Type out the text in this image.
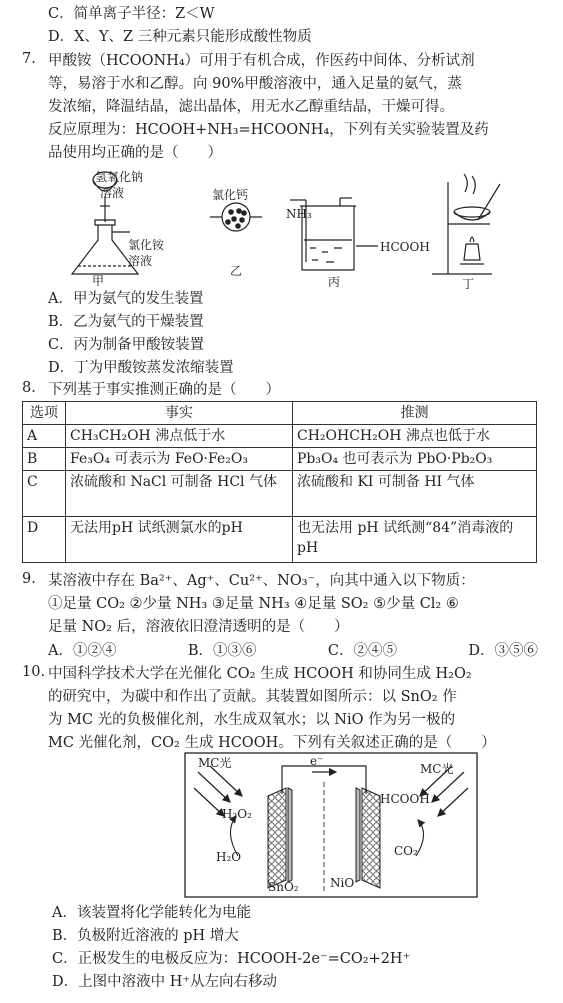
C．简单离子半径：Z＜W
D．X、Y、Z 三种元素只能形成酸性物质
7. 甲酸铵（HCOONH₄）可用于有机合成，作医药中间体、分析试剂
等，易溶于水和乙醇。向 90%甲酸溶液中，通入足量的氨气，蒸
发浓缩，降温结晶，滤出晶体，用无水乙醇重结晶，干燥可得。
反应原理为：HCOOH+NH₃=HCOONH₄，下列有关实验装置及药
品使用均正确的是（　　）
氢氧化钠
溶液
氯化铵
溶液
甲
氯化钙
乙
NH₃
HCOOH
丙	丁
A．甲为氨气的发生装置
B．乙为氨气的干燥装置
C．丙为制备甲酸铵装置
D．丁为甲酸铵蒸发浓缩装置
8. 下列基于事实推测正确的是（　　）
选项	事实	推测
A	CH₃CH₂OH 沸点低于水	CH₂OHCH₂OH 沸点也低于水
B	Fe₃O₄ 可表示为 FeO·Fe₂O₃	Pb₃O₄ 也可表示为 PbO·Pb₂O₃
C	浓硫酸和 NaCl 可制备 HCl 气体	浓硫酸和 KI 可制备 HI 气体
D	无法用pH 试纸测氯水的pH	也无法用 pH 试纸测“84”消毒液的pH
9. 某溶液中存在 Ba²⁺、Ag⁺、Cu²⁺、NO₃⁻，向其中通入以下物质：
①足量 CO₂ ②少量 NH₃ ③足量 NH₃ ④足量 SO₂ ⑤少量 Cl₂ ⑥
足量 NO₂ 后，溶液依旧澄清透明的是（　　）
A．①②④	B．①③⑥	C．②④⑤	D．③⑤⑥
10. 中国科学技术大学在光催化 CO₂ 生成 HCOOH 和协同生成 H₂O₂
的研究中，为碳中和作出了贡献。其装置如图所示：以 SnO₂ 作
为 MC 光的负极催化剂，水生成双氧水；以 NiO 作为另一极的
MC 光催化剂，CO₂ 生成 HCOOH。下列有关叙述正确的是（　　）
MC光	MC光
e⁻
H₂O₂
H₂O
HCOOH
CO₂
SnO₂	NiO
A．该装置将化学能转化为电能
B．负极附近溶液的 pH 增大
C．正极发生的电极反应为：HCOOH-2e⁻=CO₂+2H⁺
D．上图中溶液中 H⁺从左向右移动
